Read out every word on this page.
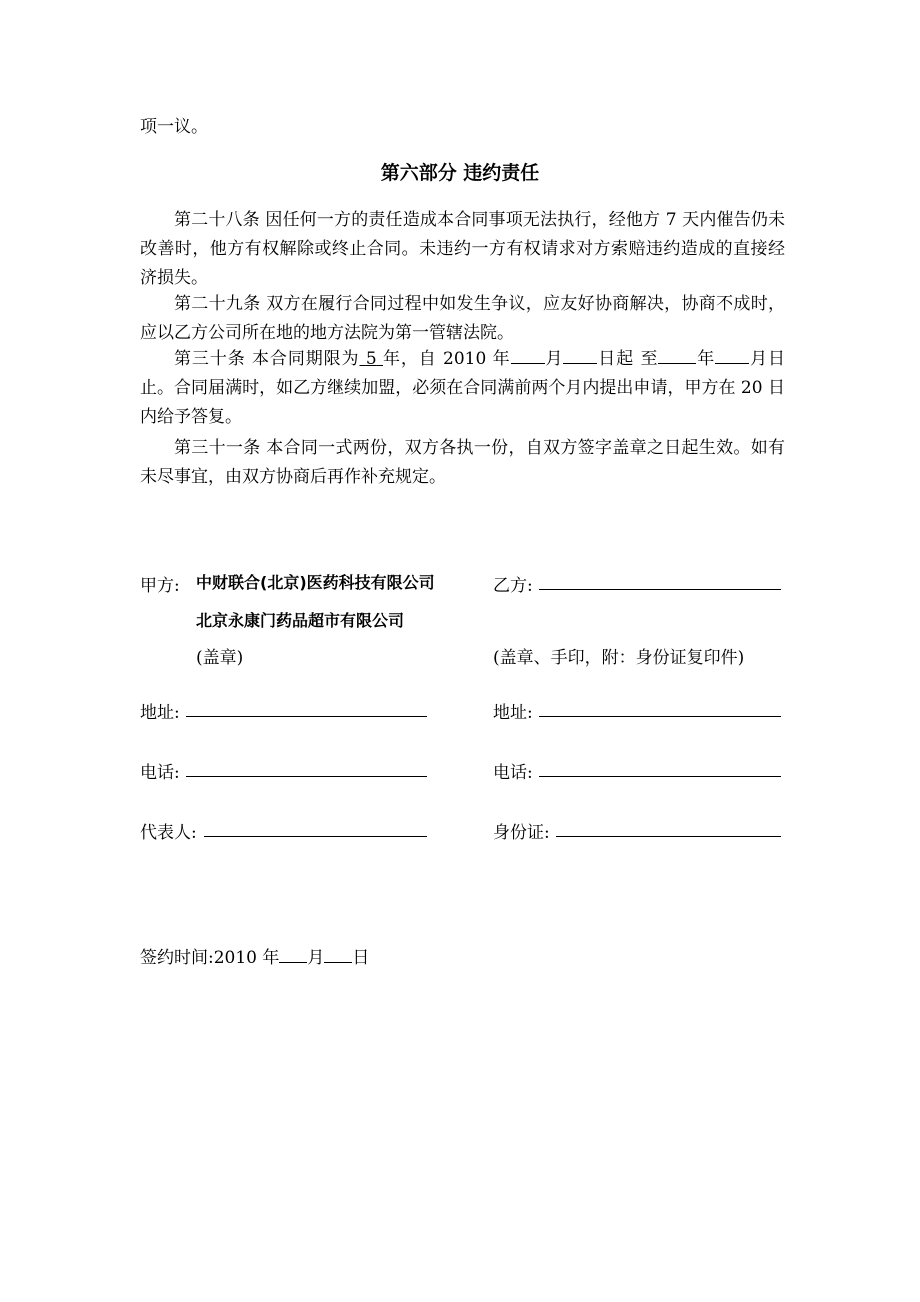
项一议。
第六部分 违约责任
第二十八条 因任何一方的责任造成本合同事项无法执行，经他方 7 天内催告仍未改善时，他方有权解除或终止合同。未违约一方有权请求对方索赔违约造成的直接经济损失。
第二十九条 双方在履行合同过程中如发生争议，应友好协商解决，协商不成时，应以乙方公司所在地的地方法院为第一管辖法院。
第三十条 本合同期限为 5 年，自 2010 年 月 日起 至 年 月日止。合同届满时，如乙方继续加盟，必须在合同满前两个月内提出申请，甲方在 20 日内给予答复。
第三十一条 本合同一式两份，双方各执一份，自双方签字盖章之日起生效。如有未尽事宜，由双方协商后再作补充规定。
甲方: 中财联合(北京)医药科技有限公司
北京永康门药品超市有限公司
(盖章)
地址:
电话:
代表人:
乙方:
(盖章、手印，附：身份证复印件)
地址:
电话:
身份证:
签约时间:2010 年 月 日
